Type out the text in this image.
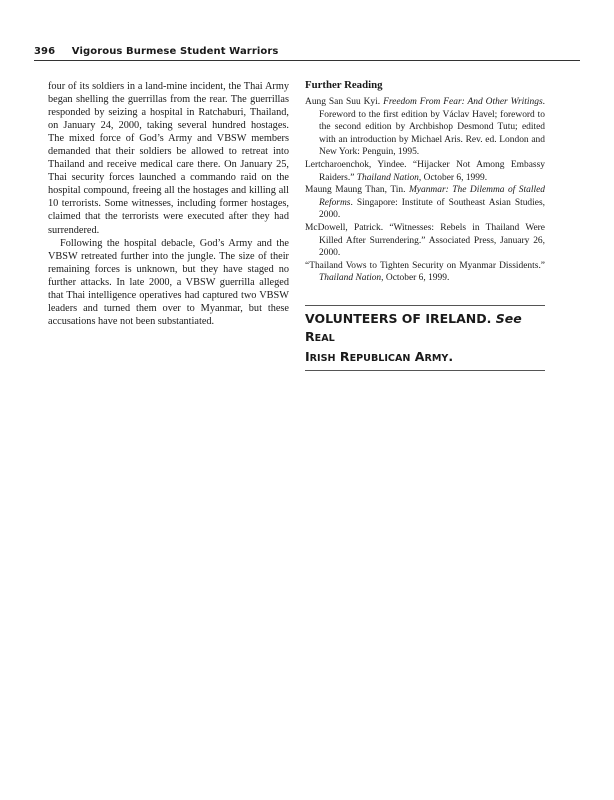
396 Vigorous Burmese Student Warriors

four of its soldiers in a land-mine incident, the Thai Army began shelling the guerrillas from the rear. The guerrillas responded by seizing a hospital in Ratchaburi, Thailand, on January 24, 2000, taking several hundred hostages. The mixed force of God’s Army and VBSW members demanded that their soldiers be allowed to retreat into Thailand and receive medical care there. On January 25, Thai security forces launched a commando raid on the hospital compound, freeing all the hostages and killing all 10 terrorists. Some witnesses, including former hostages, claimed that the terrorists were executed after they had surrendered.

Following the hospital debacle, God’s Army and the VBSW retreated further into the jungle. The size of their remaining forces is unknown, but they have staged no further attacks. In late 2000, a VBSW guerrilla alleged that Thai intelligence operatives had captured two VBSW leaders and turned them over to Myanmar, but these accusations have not been substantiated.

Further Reading

Aung San Suu Kyi. Freedom From Fear: And Other Writings. Foreword to the first edition by Václav Havel; foreword to the second edition by Archbishop Desmond Tutu; edited with an introduction by Michael Aris. Rev. ed. London and New York: Penguin, 1995.

Lertcharoenchok, Yindee. “Hijacker Not Among Embassy Raiders.” Thailand Nation, October 6, 1999.

Maung Maung Than, Tin. Myanmar: The Dilemma of Stalled Reforms. Singapore: Institute of Southeast Asian Studies, 2000.

McDowell, Patrick. “Witnesses: Rebels in Thailand Were Killed After Surrendering.” Associated Press, January 26, 2000.

“Thailand Vows to Tighten Security on Myanmar Dissidents.” Thailand Nation, October 6, 1999.

VOLUNTEERS OF IRELAND. See REAL
IRISH REPUBLICAN ARMY.
